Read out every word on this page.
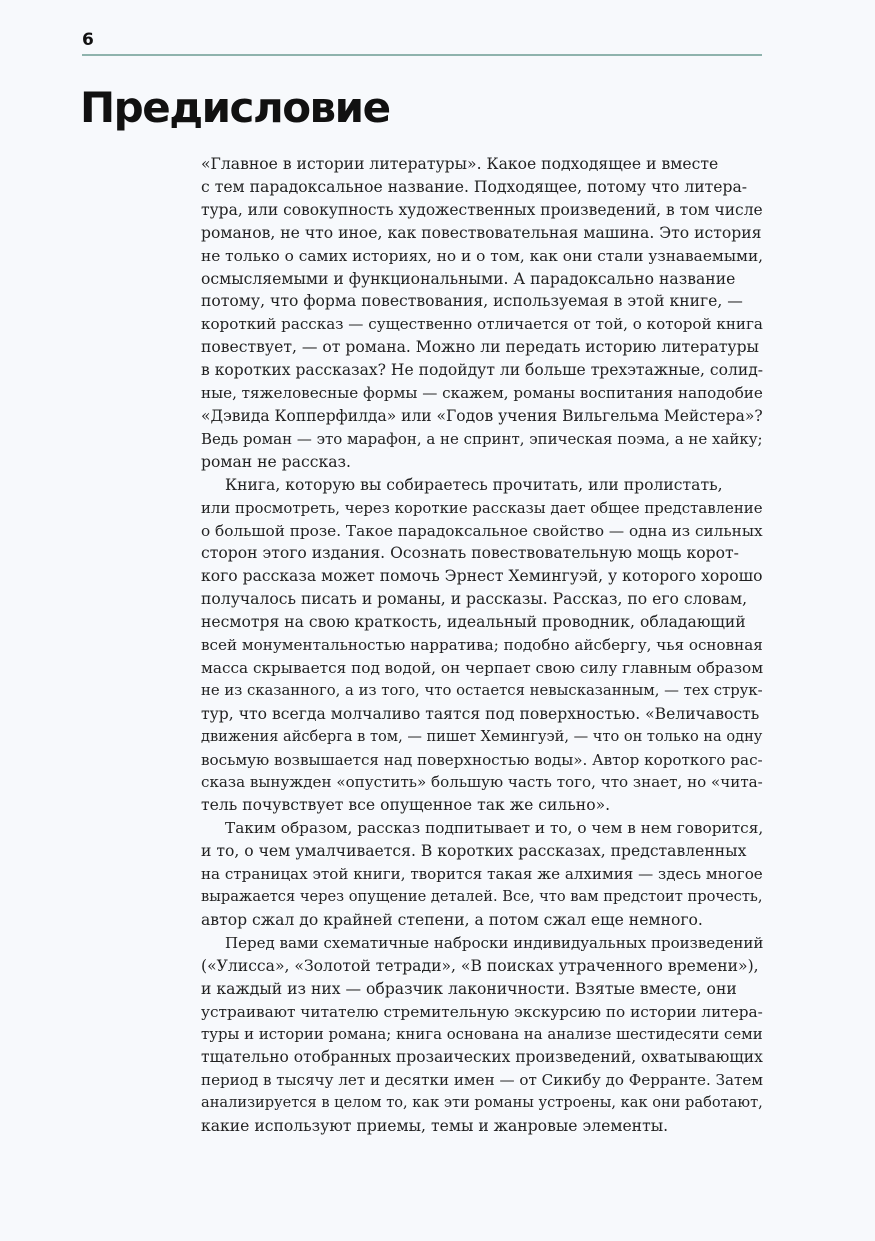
6
Предисловие
«Главное в истории литературы». Какое подходящее и вместе
с тем парадоксальное название. Подходящее, потому что литера-
тура, или совокупность художественных произведений, в том числе
романов, не что иное, как повествовательная машина. Это история
не только о самих историях, но и о том, как они стали узнаваемыми,
осмысляемыми и функциональными. А парадоксально название
потому, что форма повествования, используемая в этой книге, —
короткий рассказ — существенно отличается от той, о которой книга
повествует, — от романа. Можно ли передать историю литературы
в коротких рассказах? Не подойдут ли больше трехэтажные, солид-
ные, тяжеловесные формы — скажем, романы воспитания наподобие
«Дэвида Копперфилда» или «Годов учения Вильгельма Мейстера»?
Ведь роман — это марафон, а не спринт, эпическая поэма, а не хайку;
роман не рассказ.
Книга, которую вы собираетесь прочитать, или пролистать,
или просмотреть, через короткие рассказы дает общее представление
о большой прозе. Такое парадоксальное свойство — одна из сильных
сторон этого издания. Осознать повествовательную мощь корот-
кого рассказа может помочь Эрнест Хемингуэй, у которого хорошо
получалось писать и романы, и рассказы. Рассказ, по его словам,
несмотря на свою краткость, идеальный проводник, обладающий
всей монументальностью нарратива; подобно айсбергу, чья основная
масса скрывается под водой, он черпает свою силу главным образом
не из сказанного, а из того, что остается невысказанным, — тех струк-
тур, что всегда молчаливо таятся под поверхностью. «Величавость
движения айсберга в том, — пишет Хемингуэй, — что он только на одну
восьмую возвышается над поверхностью воды». Автор короткого рас-
сказа вынужден «опустить» большую часть того, что знает, но «чита-
тель почувствует все опущенное так же сильно».
Таким образом, рассказ подпитывает и то, о чем в нем говорится,
и то, о чем умалчивается. В коротких рассказах, представленных
на страницах этой книги, творится такая же алхимия — здесь многое
выражается через опущение деталей. Все, что вам предстоит прочесть,
автор сжал до крайней степени, а потом сжал еще немного.
Перед вами схематичные наброски индивидуальных произведений
(«Улисса», «Золотой тетради», «В поисках утраченного времени»),
и каждый из них — образчик лаконичности. Взятые вместе, они
устраивают читателю стремительную экскурсию по истории литера-
туры и истории романа; книга основана на анализе шестидесяти семи
тщательно отобранных прозаических произведений, охватывающих
период в тысячу лет и десятки имен — от Сикибу до Ферранте. Затем
анализируется в целом то, как эти романы устроены, как они работают,
какие используют приемы, темы и жанровые элементы.
